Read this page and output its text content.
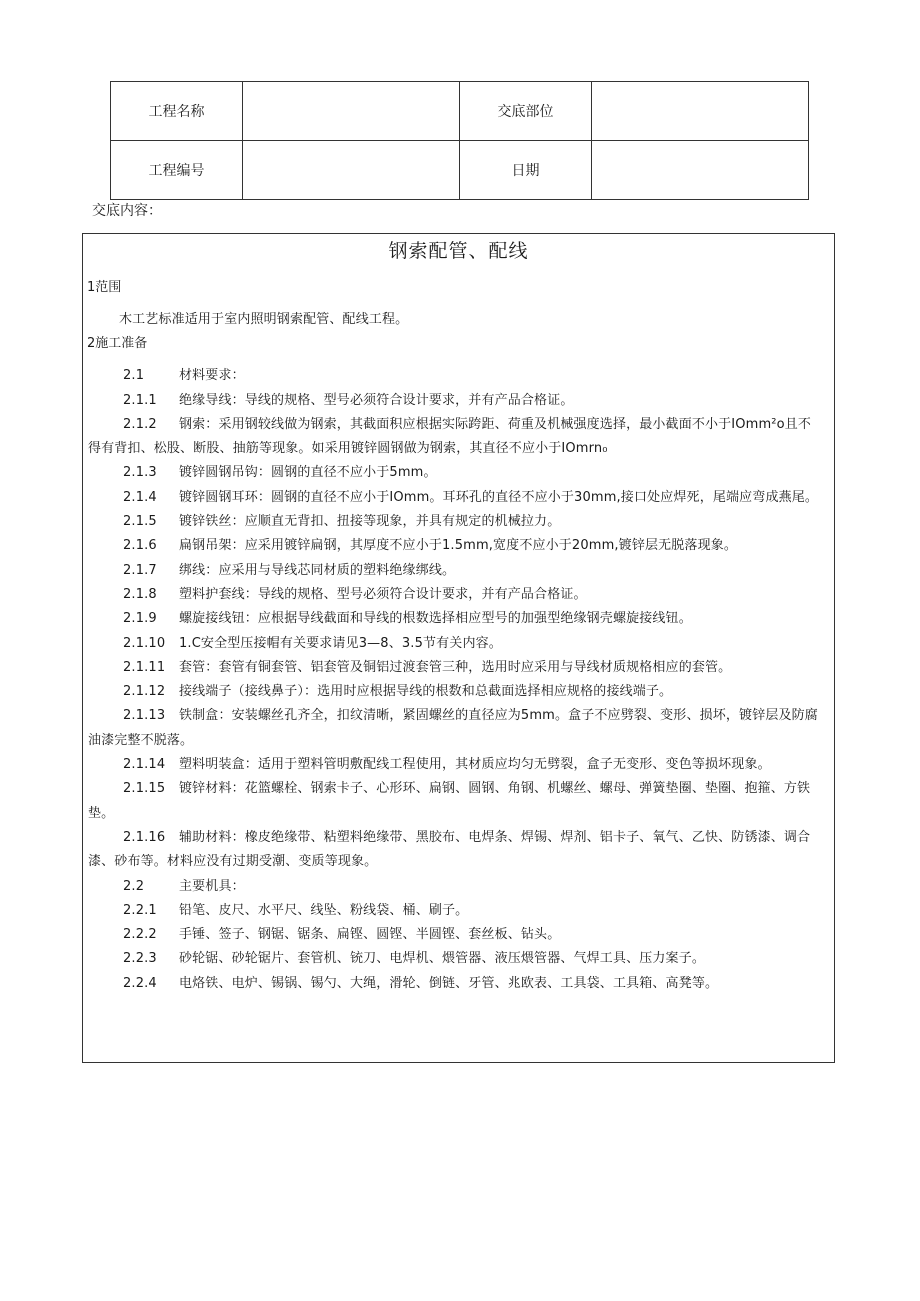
工程名称		交底部位	
工程编号		日期	
交底内容：
钢索配管、配线
1范围

木工艺标准适用于室内照明钢索配管、配线工程。

2施工准备

2.1	材料要求：

2.1.1 绝缘导线：导线的规格、型号必须符合设计要求，并有产品合格证。

2.1.2 钢索：采用钢较线做为钢索，其截面积应根据实际跨距、荷重及机械强度选择，最小截面不小于IOmm²o且不得有背扣、松股、断股、抽筋等现象。如采用镀锌圆钢做为钢索，其直径不应小于IOmrn₀

2.1.3 镀锌圆钢吊钩：圆钢的直径不应小于5mm。

2.1.4 镀锌圆钢耳环：圆钢的直径不应小于IOmm。耳环孔的直径不应小于30mm,接口处应焊死，尾端应弯成燕尾。

2.1.5 镀锌铁丝：应顺直无背扣、扭接等现象，并具有规定的机械拉力。

2.1.6 扁钢吊架：应采用镀锌扁钢，其厚度不应小于1.5mm,宽度不应小于20mm,镀锌层无脱落现象。

2.1.7 绑线：应采用与导线芯同材质的塑料绝缘绑线。

2.1.8 塑料护套线：导线的规格、型号必须符合设计要求，并有产品合格证。

2.1.9 螺旋接线钮：应根据导线截面和导线的根数选择相应型号的加强型绝缘钢壳螺旋接线钮。

2.1.10 1.C安全型压接帽有关要求请见3—8、3.5节有关内容。

2.1.11 套管：套管有铜套管、铝套管及铜铝过渡套管三种，选用时应采用与导线材质规格相应的套管。

2.1.12 接线端子（接线鼻子）：选用时应根据导线的根数和总截面选择相应规格的接线端子。

2.1.13 铁制盒：安装螺丝孔齐全，扣纹清晰，紧固螺丝的直径应为5mm。盒子不应劈裂、变形、损坏，镀锌层及防腐油漆完整不脱落。

2.1.14 塑料明装盒：适用于塑料管明敷配线工程使用，其材质应均匀无劈裂，盒子无变形、变色等损坏现象。

2.1.15 镀锌材料：花篮螺栓、钢索卡子、心形环、扁钢、圆钢、角钢、机螺丝、螺母、弹簧垫圈、垫圈、抱箍、方铁垫。

2.1.16 辅助材料：橡皮绝缘带、粘塑料绝缘带、黑胶布、电焊条、焊锡、焊剂、铝卡子、氧气、乙快、防锈漆、调合漆、砂布等。材料应没有过期受潮、变质等现象。

2.2	主要机具：

2.2.1 铅笔、皮尺、水平尺、线坠、粉线袋、桶、刷子。

2.2.2 手锤、签子、钢锯、锯条、扁铿、圆铿、半圆铿、套丝板、钻头。

2.2.3 砂轮锯、砂轮锯片、套管机、铳刀、电焊机、煨管器、液压煨管器、气焊工具、压力案子。

2.2.4 电烙铁、电炉、锡锅、锡勺、大绳，滑轮、倒链、牙管、兆欧表、工具袋、工具箱、高凳等。
